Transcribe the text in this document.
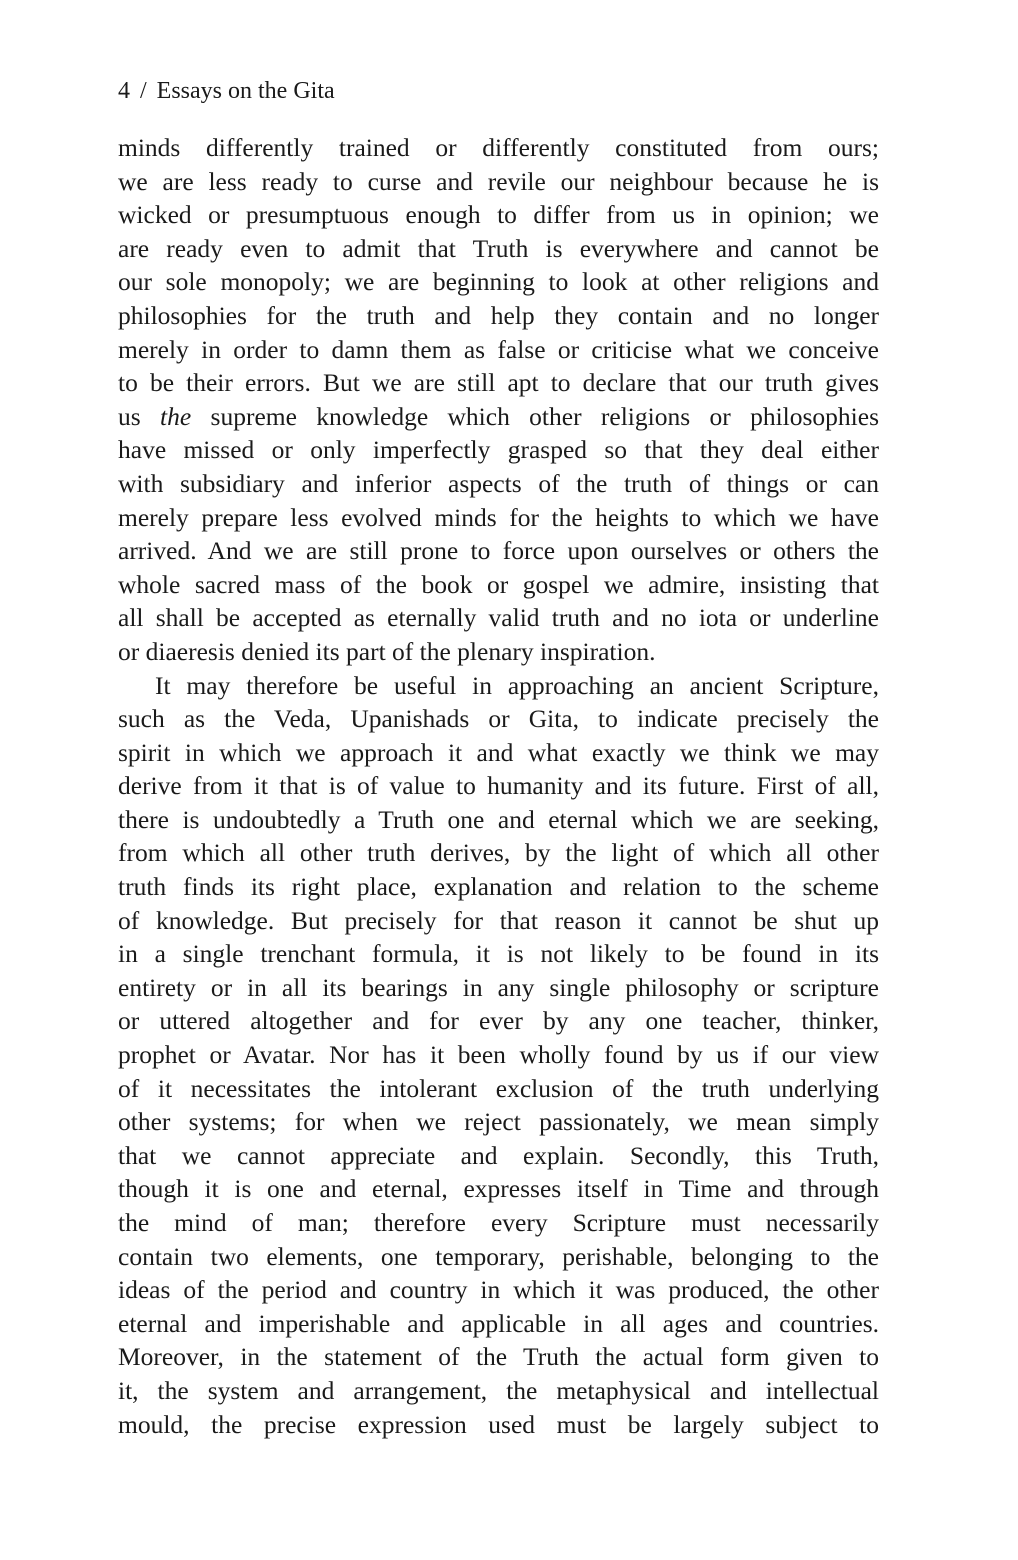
4 / Essays on the Gita
minds differently trained or differently constituted from ours;
we are less ready to curse and revile our neighbour because he is
wicked or presumptuous enough to differ from us in opinion; we
are ready even to admit that Truth is everywhere and cannot be
our sole monopoly; we are beginning to look at other religions and
philosophies for the truth and help they contain and no longer
merely in order to damn them as false or criticise what we conceive
to be their errors. But we are still apt to declare that our truth gives
us the supreme knowledge which other religions or philosophies
have missed or only imperfectly grasped so that they deal either
with subsidiary and inferior aspects of the truth of things or can
merely prepare less evolved minds for the heights to which we have
arrived. And we are still prone to force upon ourselves or others the
whole sacred mass of the book or gospel we admire, insisting that
all shall be accepted as eternally valid truth and no iota or underline
or diaeresis denied its part of the plenary inspiration.
It may therefore be useful in approaching an ancient Scripture,
such as the Veda, Upanishads or Gita, to indicate precisely the
spirit in which we approach it and what exactly we think we may
derive from it that is of value to humanity and its future. First of all,
there is undoubtedly a Truth one and eternal which we are seeking,
from which all other truth derives, by the light of which all other
truth finds its right place, explanation and relation to the scheme
of knowledge. But precisely for that reason it cannot be shut up
in a single trenchant formula, it is not likely to be found in its
entirety or in all its bearings in any single philosophy or scripture
or uttered altogether and for ever by any one teacher, thinker,
prophet or Avatar. Nor has it been wholly found by us if our view
of it necessitates the intolerant exclusion of the truth underlying
other systems; for when we reject passionately, we mean simply
that we cannot appreciate and explain. Secondly, this Truth,
though it is one and eternal, expresses itself in Time and through
the mind of man; therefore every Scripture must necessarily
contain two elements, one temporary, perishable, belonging to the
ideas of the period and country in which it was produced, the other
eternal and imperishable and applicable in all ages and countries.
Moreover, in the statement of the Truth the actual form given to
it, the system and arrangement, the metaphysical and intellectual
mould, the precise expression used must be largely subject to
